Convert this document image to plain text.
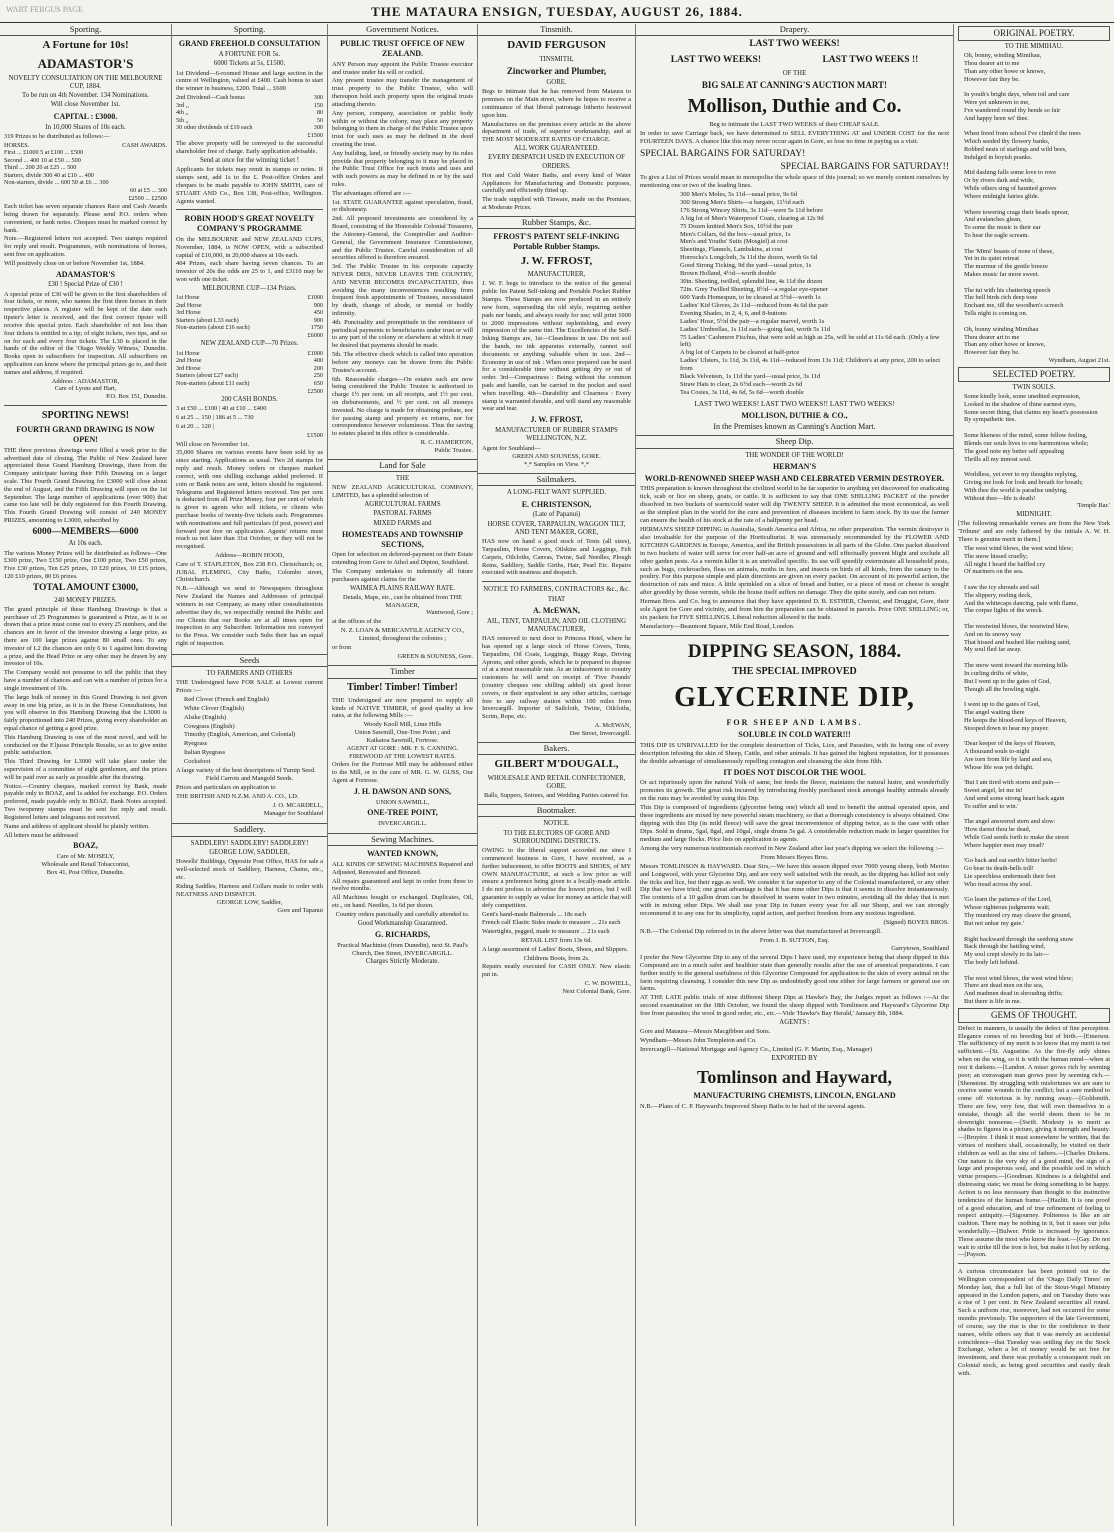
WART FERGUS PAGE	THE MATAURA ENSIGN, TUESDAY, AUGUST 26, 1884.
Sporting.
A Fortune for 10s!
ADAMASTOR'S
NOVELTY CONSULTATION ON THE MELBOURNE CUP, 1884.
To be run on 4th November. 134 Nominations.
Will close November 1st.
CAPITAL : £3000.
In 10,000 Shares of 10s each.
319 Prizes to be distributed as follows:—
HORSES.	CASH AWARDS.
First ... £1000 5 at £100 ... £500
Second ... 400 10 at £50 ... 500
Third ... 200 20 at £25 ... 500
Starters, divide 300 40 at £10 ... 400
Non-starters, divide ... 600 50 at £6 ... 300
60 at £5 ... 300
£2500 ... £2500
Each ticket has seven separate chances Race and Cash Awards being drawn for separately. Please send P.O. orders when convenient, or bank notes. Cheques must be marked correct by bank.
Note.—Registered letters not accepted. Two stamps required for reply and result. Programmes, with nominations of horses, sent free on application.
Will positively close on or before November 1st, 1884.
ADAMASTOR'S
£30 ! Special Prize of £30 !
A special prize of £30 will be given to the first shareholders of four tickets, or more, who names the first three horses in their respective places. A register will be kept of the date each tipster's letter is received, and the first correct tipster will receive this special prize. Each shareholder of not less than four tickets is entitled to a tip; of eight tickets, two tips, and so on for each and every four tickets. The L30 is placed in the hands of the editor of the 'Otago Weekly Witness,' Dunedin. Books open to subscribers for inspection. All subscribers on application can know where the principal prizes go to, and their names and address, if required.
Address : ADAMASTOR,
Care of Lyons and Hart,
P.O. Box 151, Dunedin.
SPORTING NEWS!
FOURTH GRAND DRAWING IS NOW OPEN!
THE three previous drawings were filled a week prior to the advertised date of closing. The Public of New Zealand have appreciated these Grand Hamburg Drawings, there from the Company anticipate having their Fifth Drawing on a larger scale. This Fourth Grand Drawing for £3000 will close about the end of August, and the Fifth Drawing will open on the 1st September. The large number of applications (over 900) that came too late will be duly registered for this Fourth Drawing. This Fourth Grand Drawing will consist of 240 MONEY PRIZES, amounting to L3000, subscribed by
6000—MEMBERS—6000
At 10s each.
The various Money Prizes will be distributed as follows—One £300 prize, Two £150 prize, One £100 prize, Two £50 prizes, Five £30 prizes, Ten £25 prizes, 10 £20 prizes, 10 £15 prizes, 120 £10 prizes, 80 £6 prizes.
TOTAL AMOUNT £3000,
240 MONEY PRIZES.
The grand principle of these Hamburg Drawings is that a purchaser of 25 Programmes is guaranteed a Prize, as it is so drawn that a prize must come out to every 25 numbers, and the chances are in favor of the investor drawing a large prize, as there are 100 large prizes against 80 small ones. To any investor of L2 the chances are only 6 to 1 against him drawing a prize, and the Head Prize or any other may be drawn by any investor of 10s.
The Company would not presume to tell the public that they have a number of chances and can win a number of prizes for a single investment of 10s.
The large bulk of money in this Grand Drawing is not given away in one big prize, as it is in the Horse Consultations, but you will observe in this Hamburg Drawing that the L3000 is fairly proportioned into 240 Prizes, giving every shareholder an equal chance of getting a good prize.
This Hamburg Drawing is one of the most novel, and will be conducted on the F.ljusse Principle Results, so as to give entire public satisfaction.
This Third Drawing for L3000 will take place under the supervision of a committee of eight gentlemen, and the prizes will be paid over as early as possible after the drawing.
Notice.—Country cheques, marked correct by Bank, made payable only to BOAZ, and 1s added for exchange. P.O. Orders preferred, made payable only to BOAZ. Bank Notes accepted. Two twopenny stamps must be sent for reply and result. Registered letters and telegrams not received.
Name and address of applicant should be plainly written.
All letters must be addressed
BOAZ,
Care of Mr. MOSELY,
Wholesale and Retail Tobacconist,
Box 41, Post Office, Dunedin.
Sporting.
GRAND FREEHOLD CONSULTATION
A FORTUNE FOR 5s.
6000 Tickets at 5s, £1500.
1st Dividend—6-roomed House and large section in the centre of Wellington, valued at £400. Cash bonus to start the winner in business, £200. Total ... £600
2nd Dividend—Cash bonus	300
3rd ,,	150
4th ,,	80
5th ,,	50
30 other dividends of £10 each	300
	£1500
The above property will be conveyed to the successful shareholder free of charge. Early application advisable.
Send at once for the winning ticket !
Applicants for tickets may remit in stamps or notes. If stamps sent, add 1s to the £. Post-office Orders and cheques to be made payable to JOHN SMITH, care of STUART AND Co., Box 138, Post-office, Wellington. Agents wanted.
ROBIN HOOD'S GREAT NOVELTY COMPANY'S PROGRAMME
On the MELBOURNE and NEW ZEALAND CUPS, November, 1884, is NOW OPEN, with a subscribed capital of £10,000, in 20,000 shares at 10s each.
404 Prizes, each share having seven chances. To an investor of 20s the odds are 25 to 1, and £3110 may be won with one ticket.
MELBOURNE CUP—134 Prizes.
1st Horse	£1000
2nd Horse	900
3rd Horse	450
Starters (about L33 each)	900
Non-starters (about £16 each)	1750
	£6000
NEW ZEALAND CUP—70 Prizes.
1st Horse	£1000
2nd Horse	400
3rd Horse	200
Starters (about £27 each)	250
Non-starters (about £11 each)	650
	£2500
200 CASH BONDS.
3 at £50 ... £100 | 40 at £10 ... £400
6 at 25 ... 150 | 186 at 5 ... 730
6 at 20 ... 120 |
£1500
Will close on November 1st.
35,000 Shares on various events have been sold by us since starting. Applications as usual. Two 2d stamps for reply and result. Money orders or cheques marked correct, with one shilling exchange added preferred. If coin or Bank notes are sent, letters should be registered. Telegrams and Registered letters received. Ten per cent is deducted from all Prize Money, four per cent of which is given to agents who sell tickets, or clients who purchase books of twenty-five tickets each. Programmes with nominations and full particulars (if post, power) and forward post free on application. Agents' returns must reach us not later than 31st October, or they will not be recognised.
Address—ROBIN HOOD,
Care of T. STAPLETON, Box 238 P.O. Christchurch; or, JUBAL FLEMING, City Baths, Colombo street, Christchurch.
N.B.—Although we send to Newspapers throughout New Zealand the Names and Addresses of principal winners in our Company, as many other consultationists advertise they do, we respectfully remind the Public and our Clients that our Books are at all times open for inspection to any Subscriber. Information not conveyed to the Press. We consider such Subs their has an equal right of inspection.
Seeds
TO FARMERS AND OTHERS
THE Undersigned have FOR SALE at Lowest current Prices :—
Red Clover (French and English)
White Clover (English)
Alsike (English)
Cowgrass (English)
Timothy (English, American, and Colonial)
Ryegrass
Italian Ryegrass
Cocksfoot
A large variety of the best descriptions of Turnip Seed.
Field Carrots and Mangold Seeds.
Prices and particulars on application to
THE BRITISH AND N.Z.M. AND A. CO., LD.
J. O. MCARDELL,
Manager for Southland
Saddlery.
SADDLERY! SADDLERY! SADDLERY!
GEORGE LOW, SADDLER,
Howells' Buildings, Opposite Post Office, HAS for sale a well-selected stock of Saddlery, Harness, Chains, etc., etc.
Riding Saddles, Harness and Collars made to order with NEATNESS AND DISPATCH.
GEORGE LOW, Saddler,
Gore and Tapanui
Government Notices.
PUBLIC TRUST OFFICE OF NEW ZEALAND.
ANY Person may appoint the Public Trustee executor and trustee under his will or codicil.
Any present trustee may transfer the management of trust property to the Public Trustee, who will thereupon hold such property upon the original trusts attaching thereto.
Any person, company, association or public body within or without the colony, may place any property belonging to them in charge of the Public Trustee upon trust for such uses as may be defined in the deed creating the trust.
Any building, land, or friendly society may by its rules provide that property belonging to it may be placed in the Public Trust Office for such trusts and uses and with such powers as may be defined in or by the said rules.
The advantages offered are :—
1st. STATE GUARANTEE against speculation, fraud, or dishonesty.
2nd. All proposed investments are considered by a Board, consisting of the Honorable Colonial Treasurer, the Attorney-General, the Comptroller and Auditor-General, the Government Insurance Commissioner, and the Public Trustee. Careful consideration of all securities offered is therefore ensured.
3rd. The Public Trustee in his corporate capacity NEVER DIES, NEVER LEAVES THE COUNTRY, AND NEVER BECOMES INCAPACITATED, thus avoiding the many inconveniences resulting from frequent fresh appointments of Trustees, necessitated by death, change of abode, or mental or bodily infirmity.
4th. Punctuality and promptitude in the remittance of periodical payments to beneficiaries under trust or will to any part of the colony or elsewhere at which it may be desired that payments should be made.
5th. The effective check which is called into operation before any moneys can be drawn from the Public Trustee's account.
6th. Reasonable charges—On estates such are now being considered the Public Trustee is authorised to charge 1½ per cent. on all receipts, and 1½ per cent. on disbursements, and ½ per cent. on all moneys invested. No charge is made for obtaining probate, nor for passing stamp and property ex returns, nor for correspondence however voluminous. Thus the saving to estates placed in this office is considerable.
R. C. HAMERTON,
Public Trustee.
Land for Sale
THE
NEW ZEALAND AGRICULTURAL COMPANY, LIMITED, has a splendid selection of
AGRICULTURAL FARMS
PASTORAL FARMS
MIXED FARMS and
HOMESTEADS AND TOWNSHIP SECTIONS,
Open for selection on deferred-payment on their Estate extending from Gore to Athol and Dipton, Southland.
The Company undertakes to indemnify all future purchasers against claims for the
WAIMEA PLAINS RAILWAY RATE.
Details, Maps, etc., can be obtained from THE MANAGER,
Wantwood, Gore ;
at the offices of the
N. Z. LOAN & MERCANTILE AGENCY CO., Limited, throughout the colonies ;
or from
GREEN & SOUNESS, Gore.
Timber
Timber! Timber! Timber!
THE Undersigned are now prepared to supply all kinds of NATIVE TIMBER, of good quality at low rates, at the following Mills :—
Woody Knoll Mill, Lime Hills
Union Sawmill, One-Tree Point ; and
Kaikatoa Sawmill, Fortrose.
AGENT AT GORE : MR. F. S. CANNING.
FIREWOOD AT THE LOWEST RATES.
Orders for the Fortrose Mill may be addressed either to the Mill, or to the care of MR. G. W. GUSS, Our Agent at Fortrose.
J. H. DAWSON AND SONS,
UNION SAWMILL,
ONE-TREE POINT,
INVERCARGILL.
Sewing Machines.
WANTED KNOWN,
ALL KINDS OF SEWING MACHINES Repaired and Adjusted, Renovated and Bronzed.
All repairs guaranteed and kept in order from three to twelve months.
All Machines bought or exchanged. Duplicates, Oil, etc., on hand. Needles, 1s 6d per dozen.
Country orders punctually and carefully attended to.
Good Workmanship Guaranteed.
G. RICHARDS,
Practical Machinist (from Dunedin), next St. Paul's Church, Dee Street, INVERCARGILL.
Charges Strictly Moderate.
Tinsmith.
DAVID FERGUSON
TINSMITH,
Zincworker and Plumber,
GORE.
Begs to intimate that he has removed from Mataura to premises on the Main street, where he hopes to receive a continuance of that liberal patronage hitherto bestowed upon him.
Manufactures on the premises every article in the above department of trade, of superior workmanship, and at THE MOST MODERATE RATES OF CHARGE.
ALL WORK GUARANTEED.
EVERY DESPATCH USED IN EXECUTION OF ORDERS.
Hot and Cold Water Baths, and every kind of Water Appliances for Manufacturing and Domestic purposes, carefully and efficiently fitted up.
The trade supplied with Tinware, made on the Premises, at Moderate Prices.
Rubber Stamps, &c.
FFROST'S PATENT SELF-INKING Portable Rubber Stamps.
J. W. FFROST,
MANUFACTURER,
J. W. F. begs to introduce to the notice of the general public his Patent Self-inking and Portable Pocket Rubber Stamps. These Stamps are now produced in an entirely new form, superseding the old style, requiring neither pads nor bands, and always ready for use; will print 1000 to 2000 impressions without replenishing, and every impression of the same tint. The Excellencies of the Self-Inking Stamps are, 1st—Cleanliness in use. Do not soil the hands, no ink apparatus externally, cannot soil documents or anything valuable when in use. 2nd—Economy in use of ink : When once prepared can be used for a considerable time without getting dry or out of order. 3rd—Compactness : Being without the common pads and handle, can be carried in the pocket and used when travelling. 4th—Durability and Clearness : Every stamp is warranted durable, and will stand any reasonable wear and tear.
J. W. FFROST,
MANUFACTURER OF RUBBER STAMPS WELLINGTON, N.Z.
Agent for Southland—
GREEN AND SOUNESS, GORE.
*,* Samples on View. *,*
Sailmakers.
A LONG-FELT WANT SUPPLIED.
E. CHRISTENSON,
(Late of Papanui)
HORSE COVER, TARPAULIN, WAGGON TILT, AND TENT MAKER, GORE,
HAS now on hand a good stock of Tents (all sizes), Tarpaulins, Horse Covers, Oilskins and Leggings, Felt Carpets, Oilcloths, Canvas, Twine, Sail Needles, Plough Reins, Saddlery, Saddle Girths, Hair, Pearl Etc. Repairs executed with neatness and despatch.
NOTICE TO FARMERS, CONTRACTORS &c., &c.
THAT
A. McEWAN,
AIL, TENT, TARPAULIN, AND OIL CLOTHING MANUFACTURER,
HAS removed to next door to Princess Hotel, where he has opened up a large stock of Horse Covers, Tents, Tarpaulins, Oil Coats, Leggings, Buggy Rugs, Driving Aprons, and other goods, which he is prepared to dispose of at a most reasonable rate. As an inducement to country customers he will send on receipt of 'Five Pounds' (country cheques one shilling added) six good horse covers, or their equivalent in any other articles, carriage free to any railway station within 100 miles from Invercargill. Importer of Sailcloth, Twine, Oilcloths, Scrim, Rope, etc.
A. McEWAN,
Dee Street, Invercargill.
Bakers.
GILBERT M'DOUGALL,
WHOLESALE AND RETAIL CONFECTIONER, GORE.
Balls, Suppers, Soirees, and Wedding Parties catered for.
Bootmaker.
NOTICE.
TO THE ELECTORS OF GORE AND SURROUNDING DISTRICTS.
OWING to the liberal support accorded me since I commenced business in Gore, I have received, as a further inducement, to offer BOOTS and SHOES, of MY OWN MANUFACTURE, at such a low price as will ensure a preference being given to a locally-made article. I do not profess to advertise the lowest prices, but I will guarantee to supply as value for money an article that will defy competition.
Gent's hand-made Balmorals ... 18s each
French calf Elastic Sides made to measure ... 21s each
Watertights, pegged, made to measure ... 21s each
RETAIL LIST from 13s 6d.
A large assortment of Ladies' Boots, Shoes, and Slippers.
Childrens Boots, from 2s.
Repairs neatly executed for CASH ONLY. New elastic put in.
C. W. BOWIELL,
Next Colonial Bank, Gore.
Drapery.
LAST TWO WEEKS!
LAST TWO WEEKS!	LAST TWO WEEKS !!
OF THE
BIG SALE AT CANNING'S AUCTION MART!
Mollison, Duthie and Co.
Beg to intimate the LAST TWO WEEKS of their CHEAP SALE.
In order to save Carriage back, we have determined to SELL EVERYTHING AT and UNDER COST for the next FOURTEEN DAYS. A chance like this may never occur again in Gore, so lose no time in paying us a visit.
SPECIAL BARGAINS FOR SATURDAY!
SPECIAL BARGAINS FOR SATURDAY!!
To give a List of Prices would mean to monopolise the whole space of this journal; so we merely content ourselves by mentioning one or two of the leading lines.
300 Men's Moles, 5s 11d—usual price, 9s 6d
300 Strong Men's Shirts—a bargain, 11½d each
176 Strong Wincey Shirts, 3s 11d—were 5s 11d before
A big lot of Men's Waterproof Coats, clearing at 12s 9d
75 Dozen knitted Men's Sox, 10½d the pair
Men's Collars, 6d the box—usual price, 1s
Men's and Youths' Suits (Mosgiel) at cost
Sheetings, Flannels, Lambskins, at cost
Horrocks's Longcloth, 3s 11d the dozen, worth 6s 6d
Good Strong Ticking, 9d the yard—usual price, 1s
Brown Holland, 4½d—worth double
30in. Sheeting, twilled, splendid line, 4s 11d the dozen
72in. Grey Twilled Sheeting, 8½d—a regular eye-opener
600 Yards Homespun, to be cleared at 5½d—worth 1s
Ladies' Kid Gloves, 2s 11d—reduced from 4s 6d the pair
Evening Shades, in 2, 4, 6, and 8-buttons
Ladies' Hose, 5½d the pair—a regular marvel, worth 1s
Ladies' Umbrellas, 1s 11d each—going fast, worth 5s 11d
75 Ladies' Cashmere Fischus, that were sold as high as 25s, will be sold at 11s 6d each. (Only a few left)
A big lot of Carpets to be cleared at half-price
Ladies' Ulsters, 1s 11d, 3s 11d, 4s 11d—reduced from 13s 11d; Children's at any price, 200 to select from
Black Velveteen, 1s 11d the yard—usual price, 3s 11d
Straw Hats to clear, 2s 6½d each—worth 2s 6d
Tea Cosies, 3s 11d, 4s 6d, 5s 6d—worth double
LAST TWO WEEKS! LAST TWO WEEKS!! LAST TWO WEEKS!
MOLLISON, DUTHIE & CO.,
In the Premises known as Canning's Auction Mart.
Sheep Dip.
THE WONDER OF THE WORLD!
HERMAN'S
WORLD-RENOWNED SHEEP WASH AND CELEBRATED VERMIN DESTROYER.
THIS preparation is known throughout the civilized world to be far superior to anything yet discovered for eradicating tick, scab or lice on sheep, goats, or cattle. It is sufficient to say that ONE SHILLING PACKET of the powder dissolved in two buckets of warm/cold water will dip TWENTY SHEEP. It is admitted the most economical, as well as the simplest plan in the world for the cure and prevention of diseases incident to farm stock. By its use the farmer can ensure the health of his stock at the rate of a halfpenny per head.
HERMAN'S SHEEP DIPPING in Australia, South America and Africa, no other preparation. The vermin destroyer is also invaluable for the purpose of the Horticulturist. It was strenuously recommended by the FLOWER AND KITCHEN GARDENS in Europe, America, and the British possessions in all parts of the Globe. One packet dissolved in two buckets of water will serve for over half-an acre of ground and will effectually prevent blight and exclude all other garden pests. As a vermin killer it is an unrivalled specific. Its use will speedily exterminate all household pests, such as bugs, cockroaches, fleas on animals, moths in furs, and insects on birds of all kinds, from the canary to the poultry. For this purpose simple and plain directions are given on every packet. On account of its powerful action, the destruction of rats and mice. A little sprinkled on a slice of bread and butter, or a piece of meat or cheese is sought after greedily by those vermin, while the house itself suffers no damage. They die quite surely, and can not return.
Herman Bros. and Co. beg to announce that they have appointed D. B. ESTHER, Chemist, and Druggist, Gore, their sole Agent for Gore and vicinity, and from him the preparation can be obtained in parcels. Price ONE SHILLING; or, six packets for FIVE SHILLINGS. Liberal reduction allowed to the trade.
Manufactory—Beaumont Square, Mile End Road, London.
DIPPING SEASON, 1884.
THE SPECIAL IMPROVED
GLYCERINE DIP,
FOR SHEEP AND LAMBS.
SOLUBLE IN COLD WATER!!!
THIS DIP IS UNRIVALLED for the complete destruction of Ticks, Lice, and Parasites, with its being one of every description infesting the skin of Sheep, Cattle, and other animals. It has gained the highest reputation, for it possesses the double advantage of simultaneously repelling contagion and cleansing the skin from filth.
IT DOES NOT DISCOLOR THE WOOL
Or act injuriously upon the natural Yolk of same, but feeds the fleece, maintains the natural lustre, and wonderfully promotes its growth. The great risk incurred by introducing freshly purchased stock amongst healthy animals already on the runs may be avoided by using this Dip.
This Dip is composed of ingredients (glycerine being one) which all tend to benefit the animal operated upon, and these ingredients are mixed by new powerful steam machinery, so that a thorough consistency is always obtained. One dipping with this Dip (in mild fleece) will save the great inconvenience of dipping twice, as is the case with other Dips. Sold in drums, 5gal, 8gal, and 10gal, single drums 5s gal. A considerable reduction made in larger quantities for medium and large flocks. Price lists on application to agents.
Among the very numerous testimonials received in New Zealand after last year's dipping we select the following :—
From Messrs Boyes Bros.
Messrs TOMLINSON & HAYWARD. Dear Sirs,—We have this season dipped over 7000 young sheep, both Merino and Longwool, with your Glycerine Dip, and are very well satisfied with the result, as the dipping has killed not only the ticks and lice, but their eggs as well. We consider it far superior to any of the Colonial manufactured, or any other Dip that we have tried; one great advantage is that it has none other Dips is that it seems to dissolve instantaneously. The contents of a 10 gallon drum can be dissolved in warm water in two minutes, avoiding all the delay that is met with in mixing other Dips. We shall use your Dip in future every year for all our Sheep, and we can strongly recommend it to any one for its simplicity, rapid action, and perfect freedom from any noxious ingredient.
(Signed) BOYES BROS.
N.B.—The Colonial Dip referred to in the above letter was that manufactured at Invercargill.
From J. B. SUTTON, Esq.
Garrytown, Southland
I prefer the New Glycerine Dip to any of the several Dips I have used, my experience being that sheep dipped in this Compound are in a much safer and healthier state than generally results after the use of arsenical preparations. I can further testify to the general usefulness of this Glycerine Compound for application to the skin of every animal on the farm requiring cleansing. I consider this new Dip as undoubtedly good one either for large farmers or general use on farms.
AT THE LATE public trials of nine different Sheep Dips at Hawke's Bay, the Judges report as follows :—At the second examination on the 18th October, we found the sheep dipped with Tomlinson and Hayward's Glycerine Dip free from parasites; the wool in good order, etc., etc.—Vide 'Hawke's Bay Herald,' January 8th, 1884.
AGENTS :
Gore and Mataura—Messrs Macgibbon and Sons.
Wyndham—Messrs John Templeton and Co.
Invercargill—National Mortgage and Agency Co., Limited (G. F. Martin, Esq., Manager)
EXPORTED BY
Tomlinson and Hayward,
MANUFACTURING CHEMISTS, LINCOLN, ENGLAND
N.B.—Plans of C. P. Hayward's Improved Sheep Baths to be had of the several agents.
ORIGINAL POETRY.
TO THE MIMIHAU.
Oh, bonny, winding Mimihau,
Thou dearer art to me
Than any other howe or knowe,
However fair they be.

In youth's bright days, when toil and care
Were yet unknown to me,
I've wandered round thy bends so fair
And happy been wi' thee.

When freed from school I've climb'd the trees
Which seeded thy flowery banks,
Robbed nests of starlings and wild bees,
Indulged in boyish pranks.

Mid dashing falls some love to rove
Or by rivers dark and wide,
While others sing of haunted groves
Where midnight fairies glide.

Where towering crags their heads uprear,
And avalanches glean,
To some the music is their ear
To hear the eagle scream.

The 'Mimi' boasts of none of these,
Yet in its quiet retreat
The murmur of the gentle breeze
Makes music far more sweet.

The tui with his chattering speech
The bell birds rich deep tone
Enchant me, till the woodhen's screech
Tells night is coming on.

Oh, bonny winding Mimihau
Thou dearer art to me
Than any other howe or knowe,
However fair they be.
Wyndham, August 21st.
SELECTED POETRY.
TWIN SOULS.
Some kindly look, some unedited expression,
Looked in the shadow of thine earnest eyes,
Some secret thing, that claims my heart's possession
By sympathetic ties.

Some likeness of the mind, some fellow feeling,
Blends our souls lives to one harmonious whole;
The good note my better self appealing
Thrills all my inmost soul.

Worldless, yet ever to my thoughts replying,
Giving me look for look and breath for breath;
With thee the world is paradise undying,
Without thee—life is death!
'Temple Bar.'
MIDNIGHT.
[The following remarkable verses are from the New York 'Tribune' and are only fathered by the initials A. W. H. There is genuine merit in them.]
The west wind blows, the west wind blew;
The snow hissed cruelly;
All night I heard the baffled cry
Of mariners on the sea.

I saw the icy shrouds and sail
The slippery, reeling deck,
And the whitecaps dancing, pale with flame,
The corpse lights of the wreck.

The westwind blows, the westwind blew,
And on its snowy way
That hissed and hushed like rushing sand,
My soul fled far away.

The snow went toward the morning hills
In curling drifts of white,
But I went up to the gates of God,
Though all the howling night.

I went up to the gates of God,
The angel waiting there
He keeps the blood-red keys of Heaven,
Stooped down to hear my prayer.

'Dear keeper of the keys of Heaven,
A thousand souls to-night
Are torn from life by land and sea,
Whose life was yet delight.

'But I am tired with storm and pain—
Sweet angel, let me in!
And send some strong heart back again
To suffer and to win.'

The angel answered stern and slow:
'How darest thou be dead,
While God sends forth to make the street
Where happier men may tread?

'Go back and eat earth's bitter herbs!
Go bear its death-bells toll!
Lie speechless underneath their feet
Who tread across thy soul.

'Go learn the patience of the Lord,
Whose righteous judgments wait;
Thy murdered cry may cleave the ground,
But not unbar my gate.'

Right backward through the seething snow
Back through the battling wind,
My soul crept slowly to its lair—
The body left behind.

The west wind blows, the west wind blew;
There are dead men on the sea,
And madmen dead in shrouding drifts;
But there is life in me.
GEMS OF THOUGHT.
Defect in manners, is usually the defect of fine perception. Elegance comes of no breeding but of birth.—[Emerson. The sufficiency of my merit is to know that my merit is not sufficient.—[St. Augustine. As the fire-fly only shines when on the wing, so it is with the human mind—when at rest it darkens.—[Landon. A miser grows rich by seeming poor; an extravagant man grows poor by seeming rich.—[Shenstone. By struggling with misfortunes we are sure to receive some wounds in the conflict; but a sure method to come off victorious is by running away.—[Goldsmith. There are few, very few, that will own themselves in a mistake, though all the world deem them to be in downright nonsense.—[Swift. Modesty is to merit as shades to figures in a picture, giving it strength and beauty.—[Bruyère. I think it must somewhere be written, that the virtues of mothers shall, occasionally, be visited on their children as well as the sins of fathers.—[Charles Dickens. Our nature is the very sky of a good mind, the sign of a large and prosperous soul, and the possible soil in which virtue prospers.—[Goodman. Kindness is a delightful and distressing state; we must be doing something to be happy. Action is no less necessary than thought to the instinctive tendencies of the human frame.—[Hazlitt. It is one proof of a good education, and of true refinement of feeling to respect antiquity.—[Sigourney. Politeness is like an air cushion. There may be nothing in it, but it eases our jolts wonderfully.—[Bulwer. Pride is increased by ignorance. Those assume the most who know the least.—[Gay. Do not wait to strike till the iron is hot, but make it hot by striking.—[Payson.
A curious circumstance has been pointed out to the Wellington correspondent of the 'Otago Daily Times' on Monday last, that a full list of the Stout-Vogel Ministry appeared in the London papers, and on Tuesday there was a rise of 1 per cent. in New Zealand securities all round. Such a uniform rise, moreover, had not occurred for some months previously. The supporters of the late Government, of course, say the rise is due to the confidence in their names, while others say that it was merely an accidental coincidence—that Tuesday was settling day on the Stock Exchange, when a lot of money would be set free for investment, and there was probably a consequent rush on Colonial stock, as being good securities and easily dealt with.
